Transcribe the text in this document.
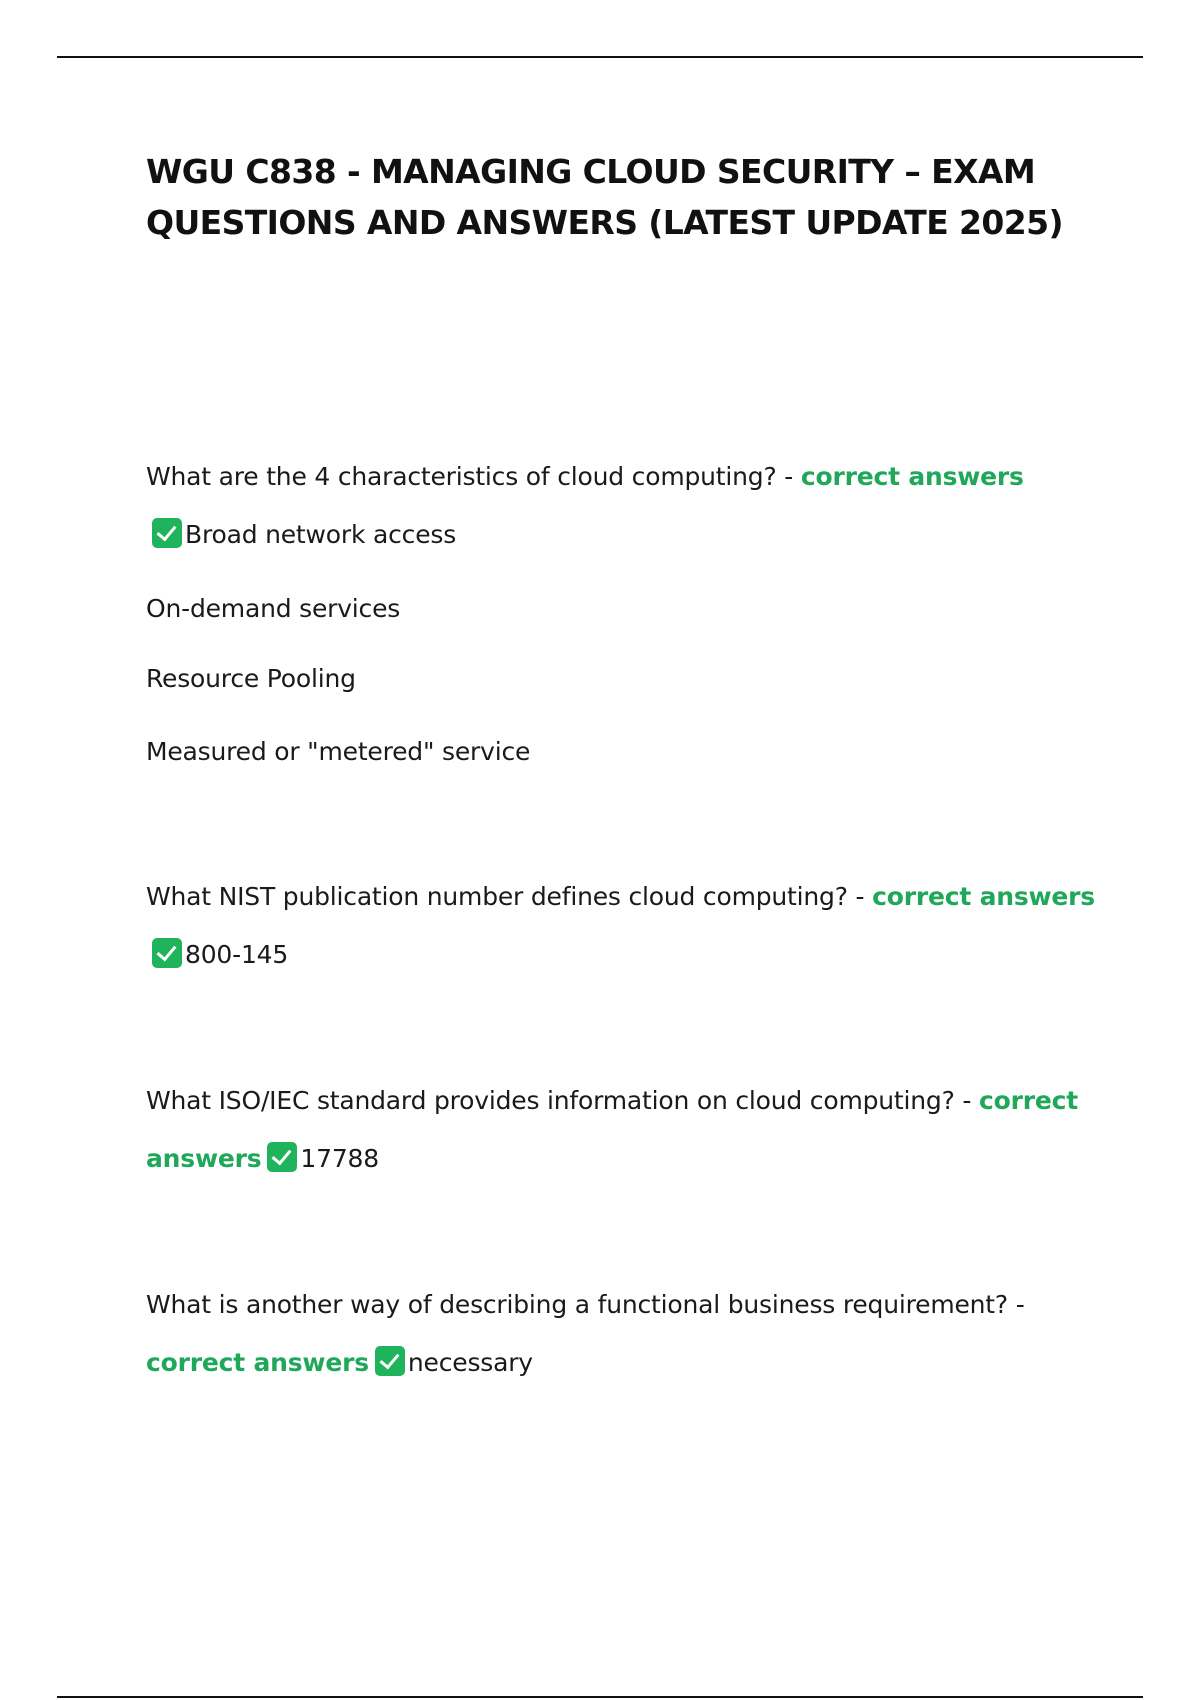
WGU C838 - MANAGING CLOUD SECURITY – EXAM QUESTIONS AND ANSWERS (LATEST UPDATE 2025)

What are the 4 characteristics of cloud computing? - correct answers

Broad network access

On-demand services

Resource Pooling

Measured or "metered" service

What NIST publication number defines cloud computing? - correct answers

800-145

What ISO/IEC standard provides information on cloud computing? - correct answers 17788

What is another way of describing a functional business requirement? - correct answers necessary
